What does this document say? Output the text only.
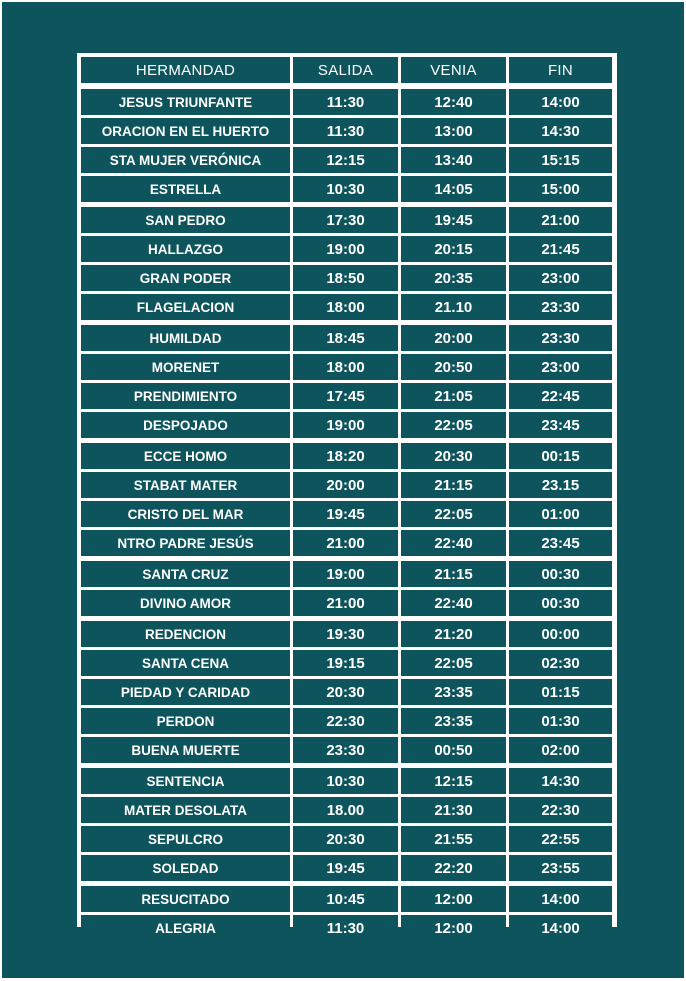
HERMANDAD	SALIDA	VENIA	FIN
JESUS TRIUNFANTE	11:30	12:40	14:00
ORACION EN EL HUERTO	11:30	13:00	14:30
STA MUJER VERÓNICA	12:15	13:40	15:15
ESTRELLA	10:30	14:05	15:00
SAN PEDRO	17:30	19:45	21:00
HALLAZGO	19:00	20:15	21:45
GRAN PODER	18:50	20:35	23:00
FLAGELACION	18:00	21.10	23:30
HUMILDAD	18:45	20:00	23:30
MORENET	18:00	20:50	23:00
PRENDIMIENTO	17:45	21:05	22:45
DESPOJADO	19:00	22:05	23:45
ECCE HOMO	18:20	20:30	00:15
STABAT MATER	20:00	21:15	23.15
CRISTO DEL MAR	19:45	22:05	01:00
NTRO PADRE JESÚS	21:00	22:40	23:45
SANTA CRUZ	19:00	21:15	00:30
DIVINO AMOR	21:00	22:40	00:30
REDENCION	19:30	21:20	00:00
SANTA CENA	19:15	22:05	02:30
PIEDAD Y CARIDAD	20:30	23:35	01:15
PERDON	22:30	23:35	01:30
BUENA MUERTE	23:30	00:50	02:00
SENTENCIA	10:30	12:15	14:30
MATER DESOLATA	18.00	21:30	22:30
SEPULCRO	20:30	21:55	22:55
SOLEDAD	19:45	22:20	23:55
RESUCITADO	10:45	12:00	14:00
ALEGRIA	11:30	12:00	14:00
